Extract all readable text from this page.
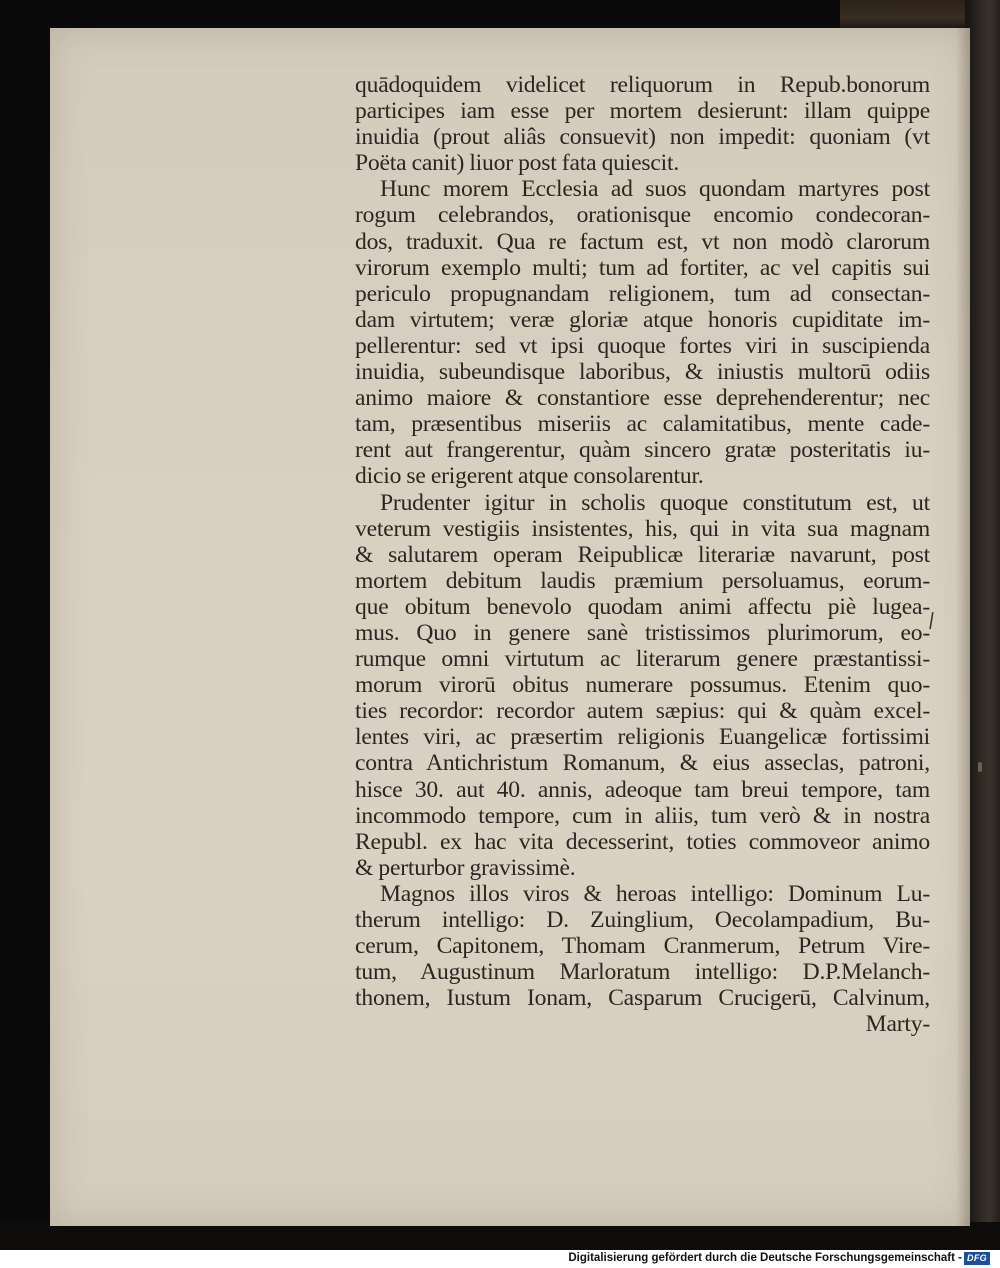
quādoquidem videlicet reliquorum in Repub.bonorum
participes iam esse per mortem desierunt: illam quippe
inuidia (prout aliâs consuevit) non impedit: quoniam (vt
Poëta canit) liuor post fata quiescit.
Hunc morem Ecclesia ad suos quondam martyres post
rogum celebrandos, orationisque encomio condecoran-
dos, traduxit. Qua re factum est, vt non modò clarorum
virorum exemplo multi; tum ad fortiter, ac vel capitis sui
periculo propugnandam religionem, tum ad consectan-
dam virtutem; veræ gloriæ atque honoris cupiditate im-
pellerentur: sed vt ipsi quoque fortes viri in suscipienda
inuidia, subeundisque laboribus, & iniustis multorū odiis
animo maiore & constantiore esse deprehenderentur; nec
tam, præsentibus miseriis ac calamitatibus, mente cade-
rent aut frangerentur, quàm sincero gratæ posteritatis iu-
dicio se erigerent atque consolarentur.
Prudenter igitur in scholis quoque constitutum est, ut
veterum vestigiis insistentes, his, qui in vita sua magnam
& salutarem operam Reipublicæ literariæ navarunt, post
mortem debitum laudis præmium persoluamus, eorum-
que obitum benevolo quodam animi affectu piè lugea-
mus. Quo in genere sanè tristissimos plurimorum, eo-
rumque omni virtutum ac literarum genere præstantissi-
morum virorū obitus numerare possumus. Etenim quo-
ties recordor: recordor autem sæpius: qui & quàm excel-
lentes viri, ac præsertim religionis Euangelicæ fortissimi
contra Antichristum Romanum, & eius asseclas, patroni,
hisce 30. aut 40. annis, adeoque tam breui tempore, tam
incommodo tempore, cum in aliis, tum verò & in nostra
Republ. ex hac vita decesserint, toties commoveor animo
& perturbor gravissimè.
Magnos illos viros & heroas intelligo: Dominum Lu-
therum intelligo: D. Zuinglium, Oecolampadium, Bu-
cerum, Capitonem, Thomam Cranmerum, Petrum Vire-
tum, Augustinum Marloratum intelligo: D.P.Melanch-
thonem, Iustum Ionam, Casparum Crucigerū, Calvinum,
Marty-
/
Digitalisierung gefördert durch die Deutsche Forschungsgemeinschaft - DFG
